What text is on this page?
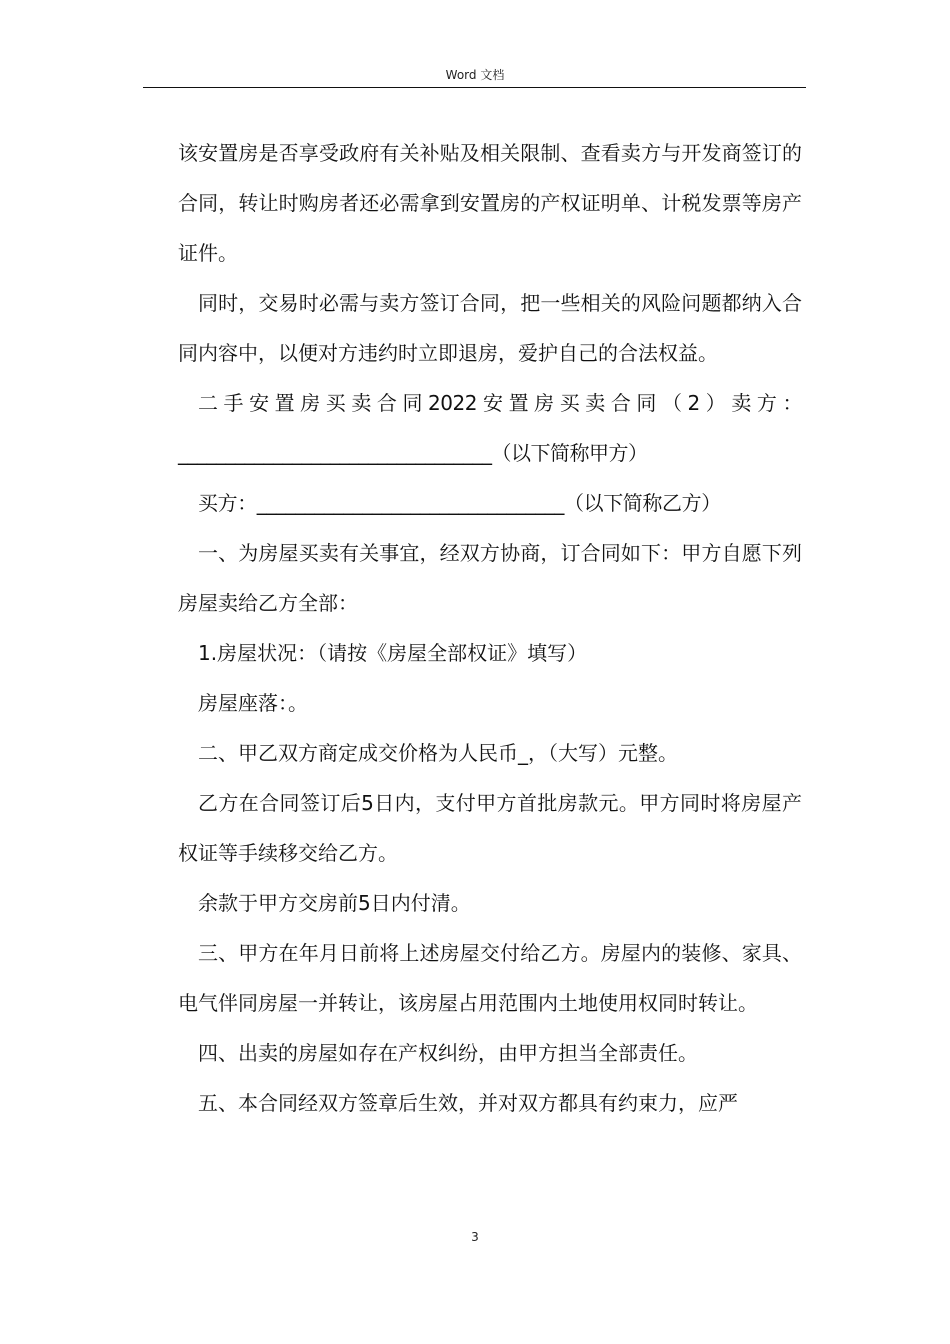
Word 文档

该安置房是否享受政府有关补贴及相关限制、查看卖方与开发商签订的合同，转让时购房者还必需拿到安置房的产权证明单、计税发票等房产证件。

同时，交易时必需与卖方签订合同，把一些相关的风险问题都纳入合同内容中，以便对方违约时立即退房，爱护自己的合法权益。

二手安置房买卖合同2022安置房买卖合同（2）卖方：_________________________________（以下简称甲方）

买方：________________________________（以下简称乙方）

一、为房屋买卖有关事宜，经双方协商，订合同如下：甲方自愿下列房屋卖给乙方全部：

1.房屋状况：（请按《房屋全部权证》填写）

房屋座落：。

二、甲乙双方商定成交价格为人民币_，（大写）元整。

乙方在合同签订后5日内，支付甲方首批房款元。甲方同时将房屋产权证等手续移交给乙方。

余款于甲方交房前5日内付清。

三、甲方在年月日前将上述房屋交付给乙方。房屋内的装修、家具、电气伴同房屋一并转让，该房屋占用范围内土地使用权同时转让。

四、出卖的房屋如存在产权纠纷，由甲方担当全部责任。

五、本合同经双方签章后生效，并对双方都具有约束力，应严

3
